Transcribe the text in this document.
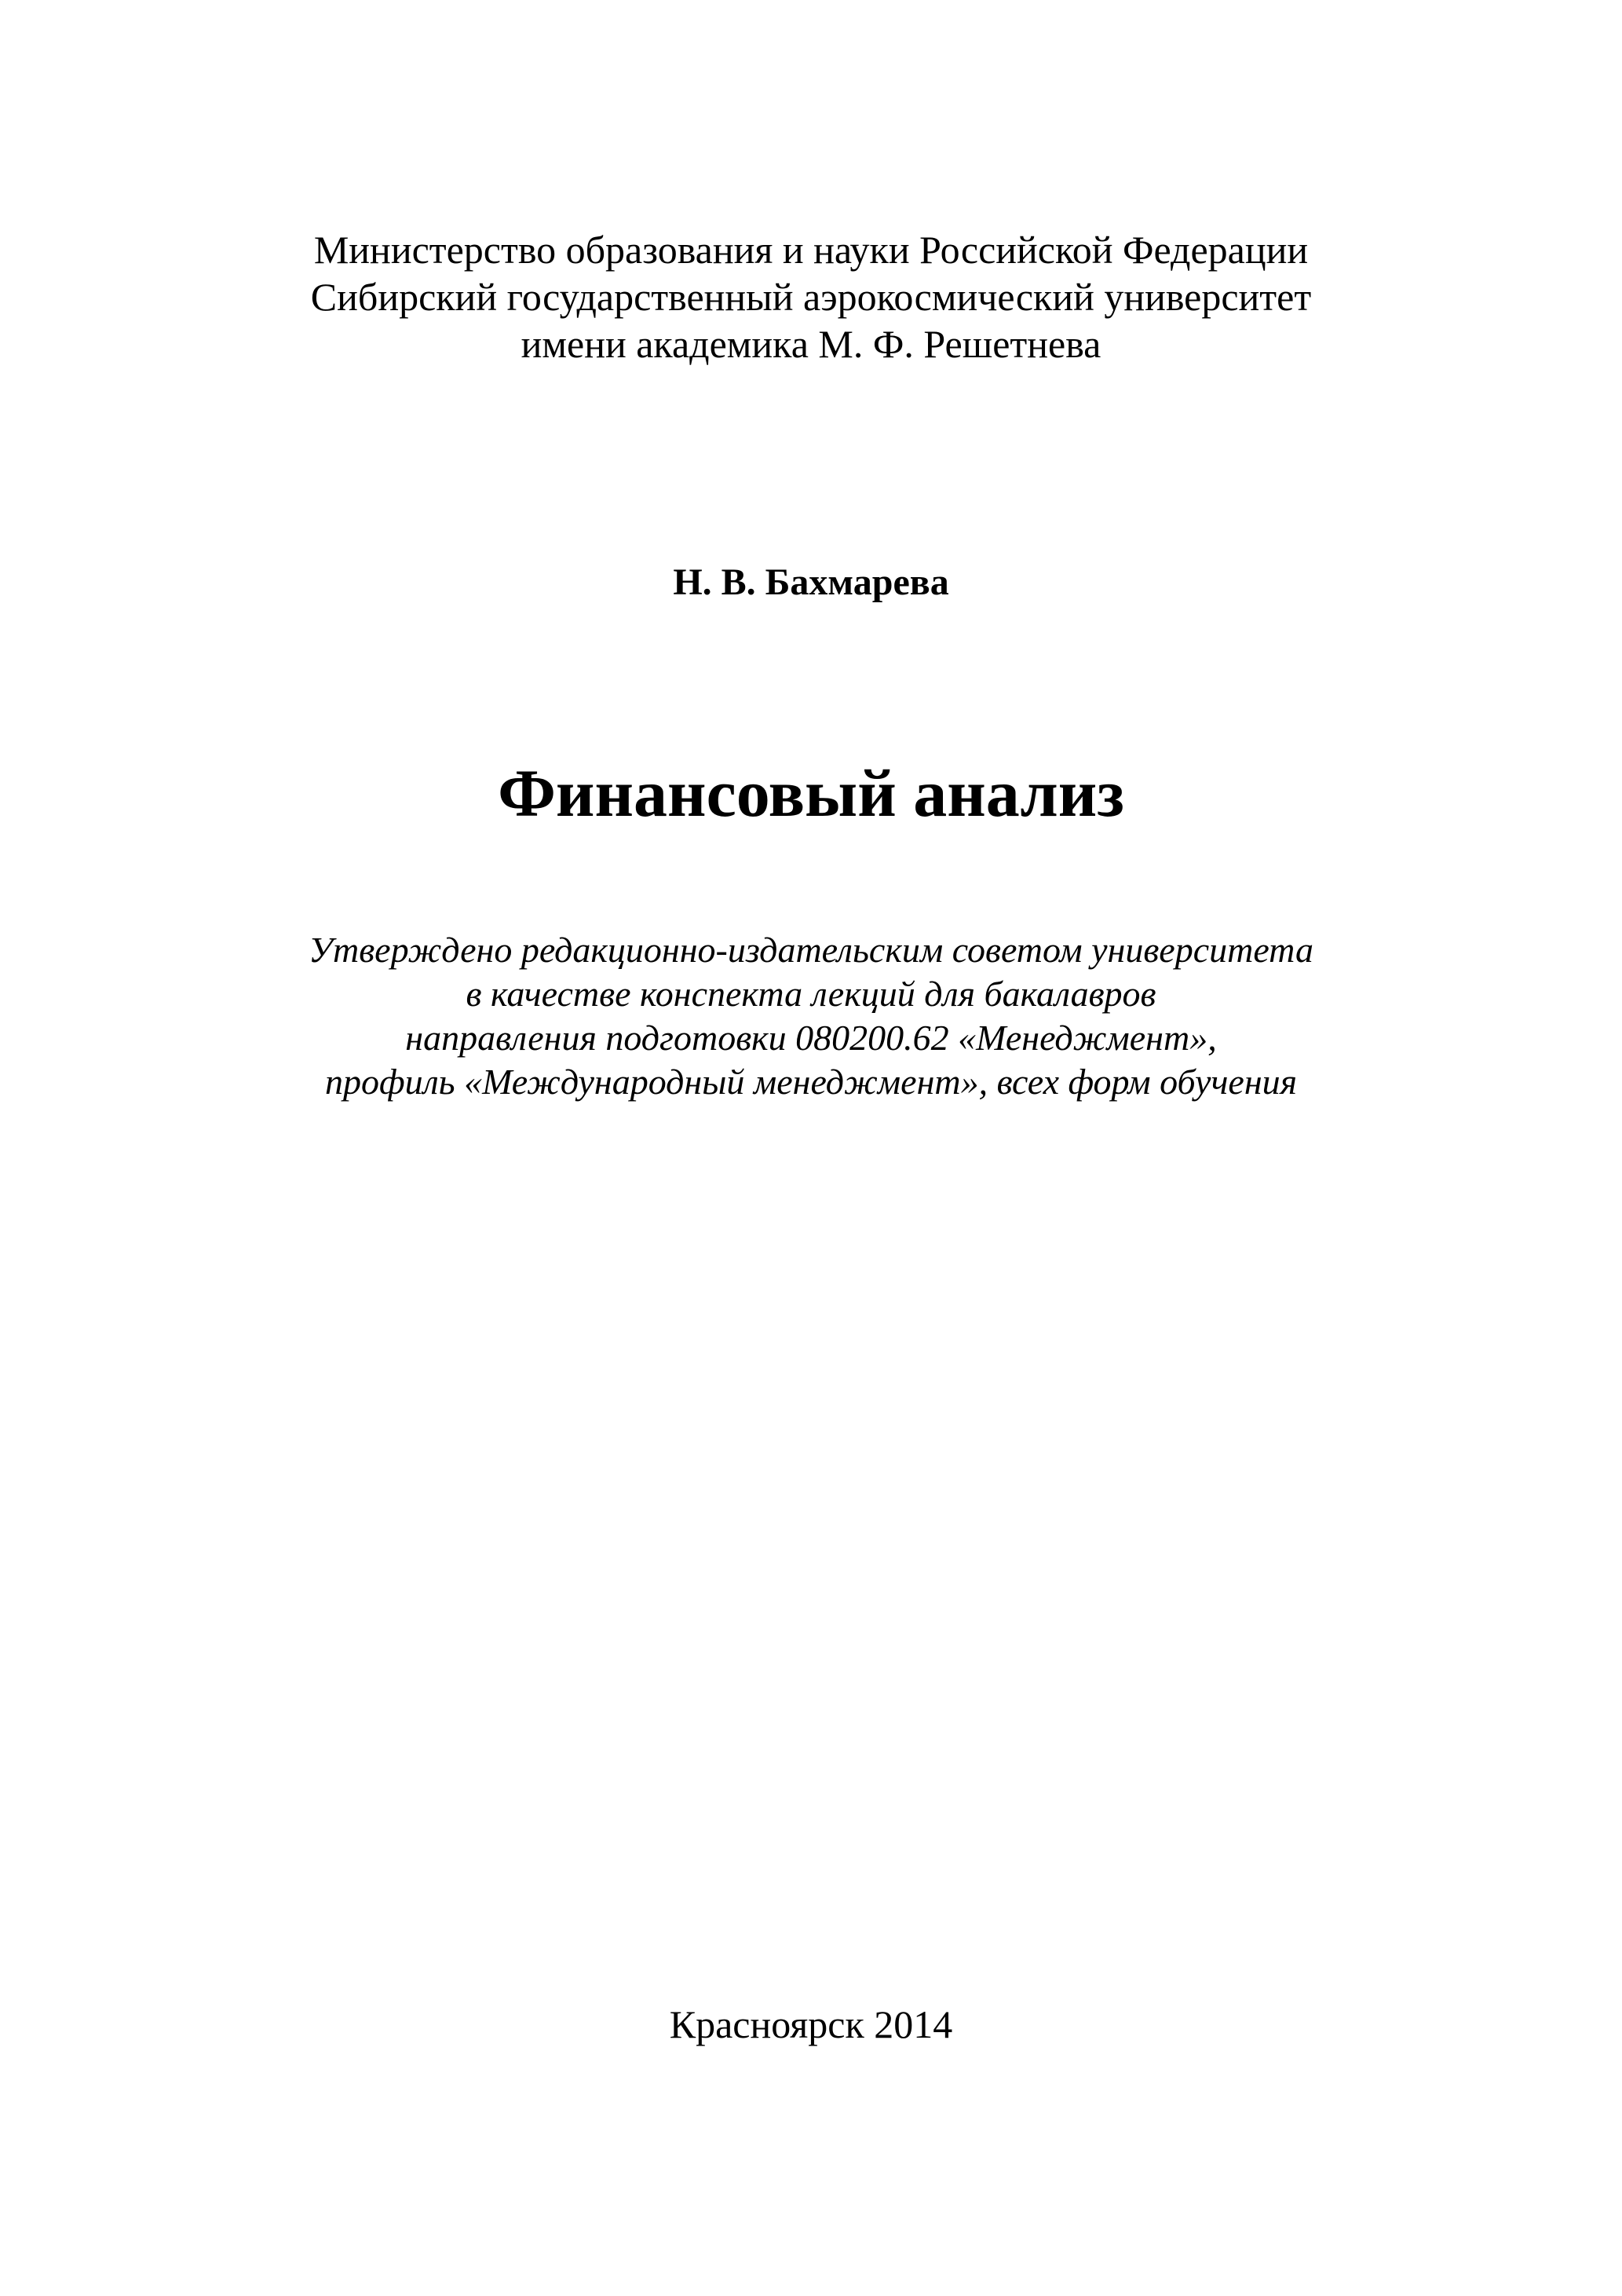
Министерство образования и науки Российской Федерации
Сибирский государственный аэрокосмический университет
имени академика М. Ф. Решетнева
Н. В. Бахмарева
Финансовый анализ
Утверждено редакционно-издательским советом университета
в качестве конспекта лекций для бакалавров
направления подготовки 080200.62 «Менеджмент»,
профиль «Международный менеджмент», всех форм обучения
Красноярск 2014
